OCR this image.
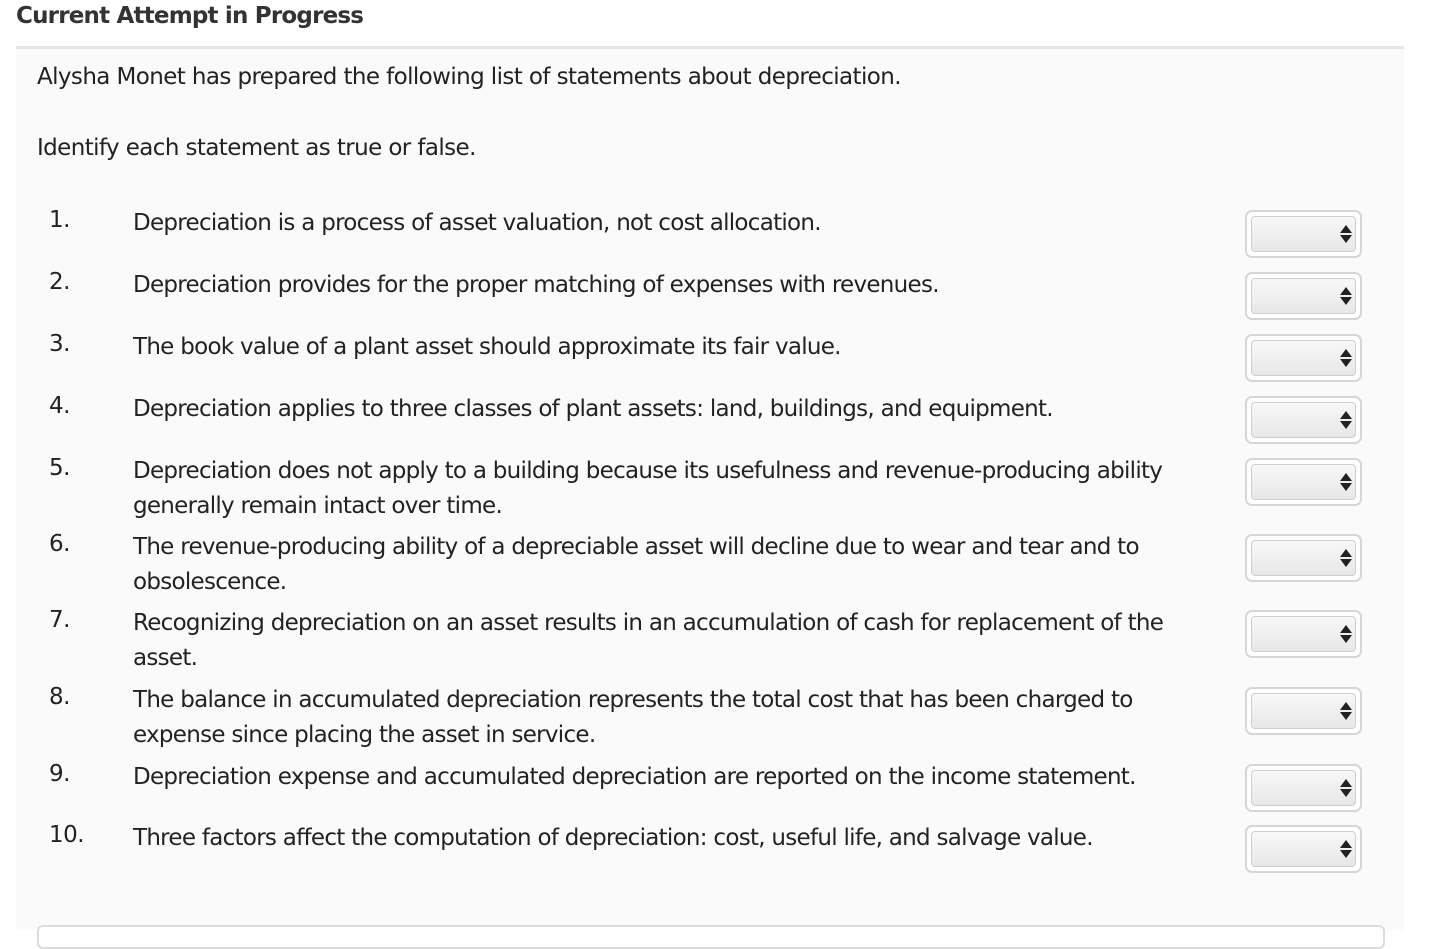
Current Attempt in Progress
Alysha Monet has prepared the following list of statements about depreciation.
Identify each statement as true or false.
1.	Depreciation is a process of asset valuation, not cost allocation.
2.	Depreciation provides for the proper matching of expenses with revenues.
3.	The book value of a plant asset should approximate its fair value.
4.	Depreciation applies to three classes of plant assets: land, buildings, and equipment.
5.	Depreciation does not apply to a building because its usefulness and revenue-producing ability generally remain intact over time.
6.	The revenue-producing ability of a depreciable asset will decline due to wear and tear and to obsolescence.
7.	Recognizing depreciation on an asset results in an accumulation of cash for replacement of the asset.
8.	The balance in accumulated depreciation represents the total cost that has been charged to expense since placing the asset in service.
9.	Depreciation expense and accumulated depreciation are reported on the income statement.
10. Three factors affect the computation of depreciation: cost, useful life, and salvage value.
